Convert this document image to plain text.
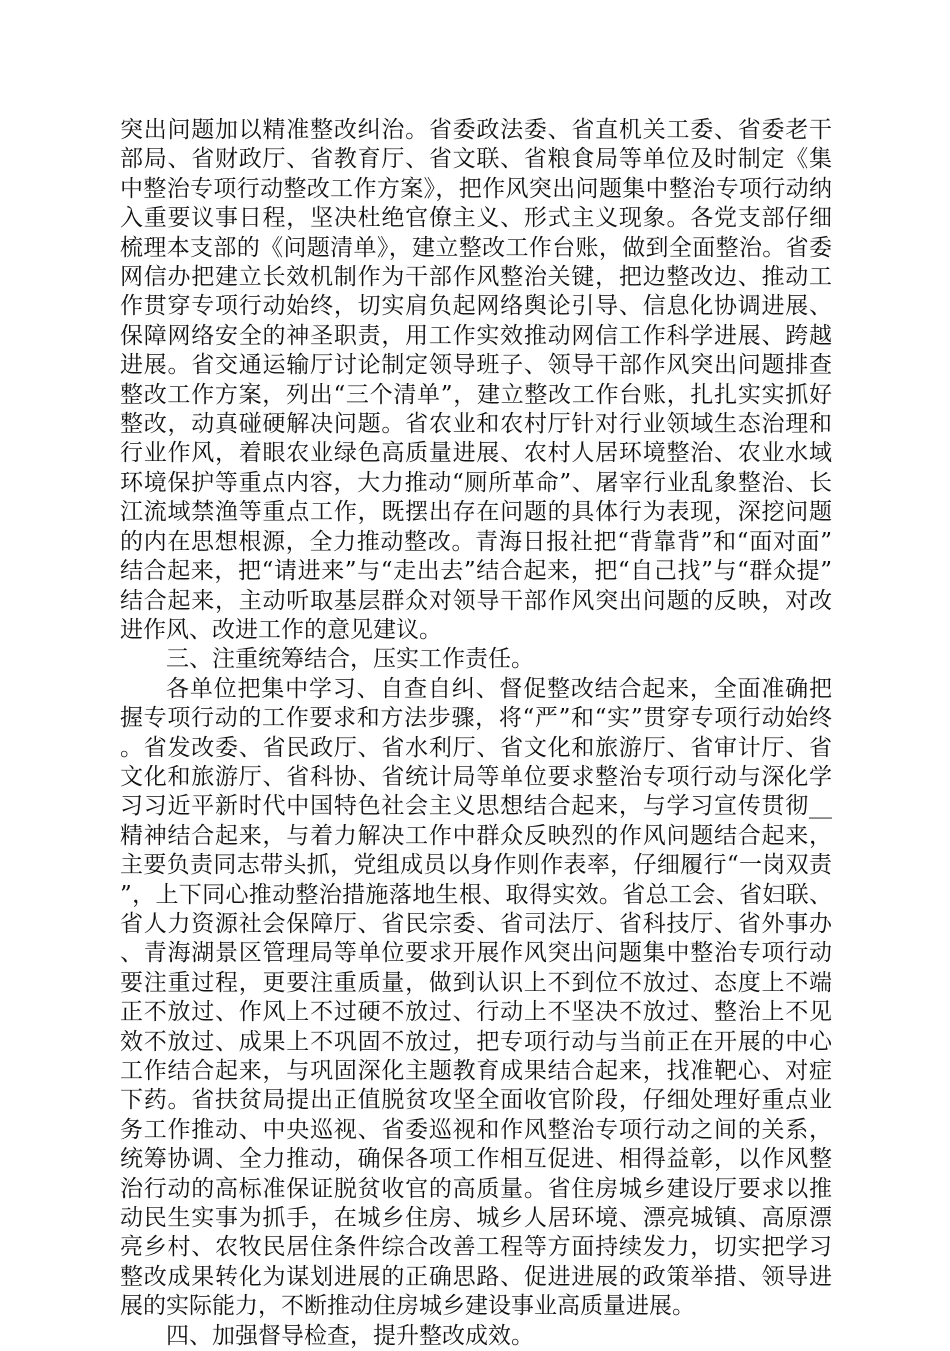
突出问题加以精准整改纠治。省委政法委、省直机关工委、省委老干部局、省财政厅、省教育厅、省文联、省粮食局等单位及时制定《集中整治专项行动整改工作方案》，把作风突出问题集中整治专项行动纳入重要议事日程，坚决杜绝官僚主义、形式主义现象。各党支部仔细梳理本支部的《问题清单》，建立整改工作台账，做到全面整治。省委网信办把建立长效机制作为干部作风整治关键，把边整改边、推动工作贯穿专项行动始终，切实肩负起网络舆论引导、信息化协调进展、保障网络安全的神圣职责，用工作实效推动网信工作科学进展、跨越进展。省交通运输厅讨论制定领导班子、领导干部作风突出问题排查整改工作方案，列出“三个清单”，建立整改工作台账，扎扎实实抓好整改，动真碰硬解决问题。省农业和农村厅针对行业领域生态治理和行业作风，着眼农业绿色高质量进展、农村人居环境整治、农业水域环境保护等重点内容，大力推动“厕所革命”、屠宰行业乱象整治、长江流域禁渔等重点工作，既摆出存在问题的具体行为表现，深挖问题的内在思想根源，全力推动整改。青海日报社把“背靠背”和“面对面”结合起来，把“请进来”与“走出去”结合起来，把“自己找”与“群众提”结合起来，主动听取基层群众对领导干部作风突出问题的反映，对改进作风、改进工作的意见建议。

三、注重统筹结合，压实工作责任。

各单位把集中学习、自查自纠、督促整改结合起来，全面准确把握专项行动的工作要求和方法步骤，将“严”和“实”贯穿专项行动始终。省发改委、省民政厅、省水利厅、省文化和旅游厅、省审计厅、省文化和旅游厅、省科协、省统计局等单位要求整治专项行动与深化学习习近平新时代中国特色社会主义思想结合起来，与学习宣传贯彻__精神结合起来，与着力解决工作中群众反映烈的作风问题结合起来，主要负责同志带头抓，党组成员以身作则作表率，仔细履行“一岗双责”，上下同心推动整治措施落地生根、取得实效。省总工会、省妇联、省人力资源社会保障厅、省民宗委、省司法厅、省科技厅、省外事办、青海湖景区管理局等单位要求开展作风突出问题集中整治专项行动要注重过程，更要注重质量，做到认识上不到位不放过、态度上不端正不放过、作风上不过硬不放过、行动上不坚决不放过、整治上不见效不放过、成果上不巩固不放过，把专项行动与当前正在开展的中心工作结合起来，与巩固深化主题教育成果结合起来，找准靶心、对症下药。省扶贫局提出正值脱贫攻坚全面收官阶段，仔细处理好重点业务工作推动、中央巡视、省委巡视和作风整治专项行动之间的关系，统筹协调、全力推动，确保各项工作相互促进、相得益彰，以作风整治行动的高标准保证脱贫收官的高质量。省住房城乡建设厅要求以推动民生实事为抓手，在城乡住房、城乡人居环境、漂亮城镇、高原漂亮乡村、农牧民居住条件综合改善工程等方面持续发力，切实把学习整改成果转化为谋划进展的正确思路、促进进展的政策举措、领导进展的实际能力，不断推动住房城乡建设事业高质量进展。

四、加强督导检查，提升整改成效。
